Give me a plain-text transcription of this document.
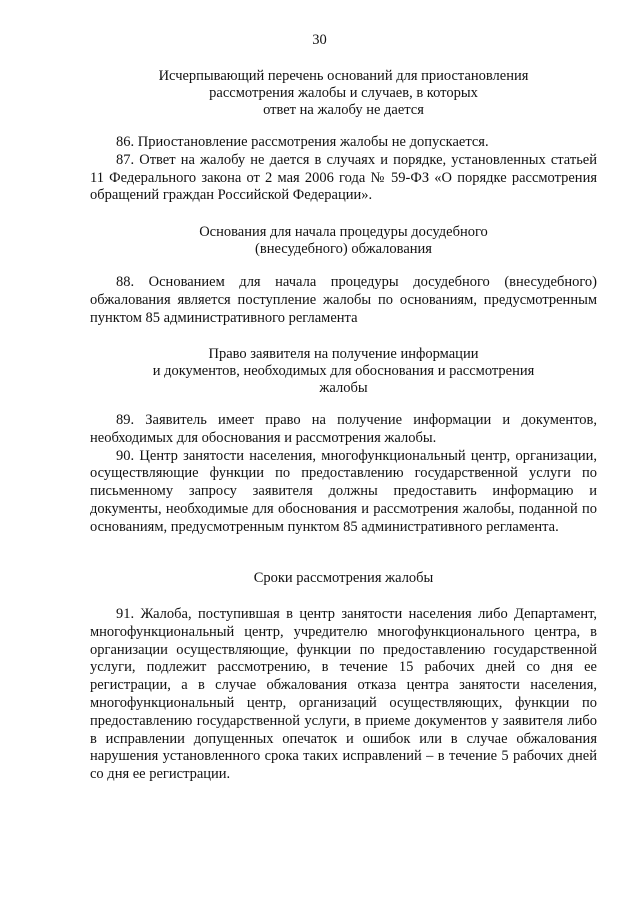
30
Исчерпывающий перечень оснований для приостановления
рассмотрения жалобы и случаев, в которых
ответ на жалобу не дается

86. Приостановление рассмотрения жалобы не допускается.

87. Ответ на жалобу не дается в случаях и порядке, установленных статьей 11 Федерального закона от 2 мая 2006 года № 59-ФЗ «О порядке рассмотрения обращений граждан Российской Федерации».

Основания для начала процедуры досудебного
(внесудебного) обжалования

88. Основанием для начала процедуры досудебного (внесудебного) обжалования является поступление жалобы по основаниям, предусмотренным пунктом 85 административного регламента

Право заявителя на получение информации
и документов, необходимых для обоснования и рассмотрения
жалобы

89. Заявитель имеет право на получение информации и документов, необходимых для обоснования и рассмотрения жалобы.

90. Центр занятости населения, многофункциональный центр, организации, осуществляющие функции по предоставлению государственной услуги по письменному запросу заявителя должны предоставить информацию и документы, необходимые для обоснования и рассмотрения жалобы, поданной по основаниям, предусмотренным пунктом 85 административного регламента.

Сроки рассмотрения жалобы

91. Жалоба, поступившая в центр занятости населения либо Департамент, многофункциональный центр, учредителю многофункционального центра, в организации осуществляющие, функции по предоставлению государственной услуги, подлежит рассмотрению, в течение 15 рабочих дней со дня ее регистрации, а в случае обжалования отказа центра занятости населения, многофункциональный центр, организаций осуществляющих, функции по предоставлению государственной услуги, в приеме документов у заявителя либо в исправлении допущенных опечаток и ошибок или в случае обжалования нарушения установленного срока таких исправлений – в течение 5 рабочих дней со дня ее регистрации.
